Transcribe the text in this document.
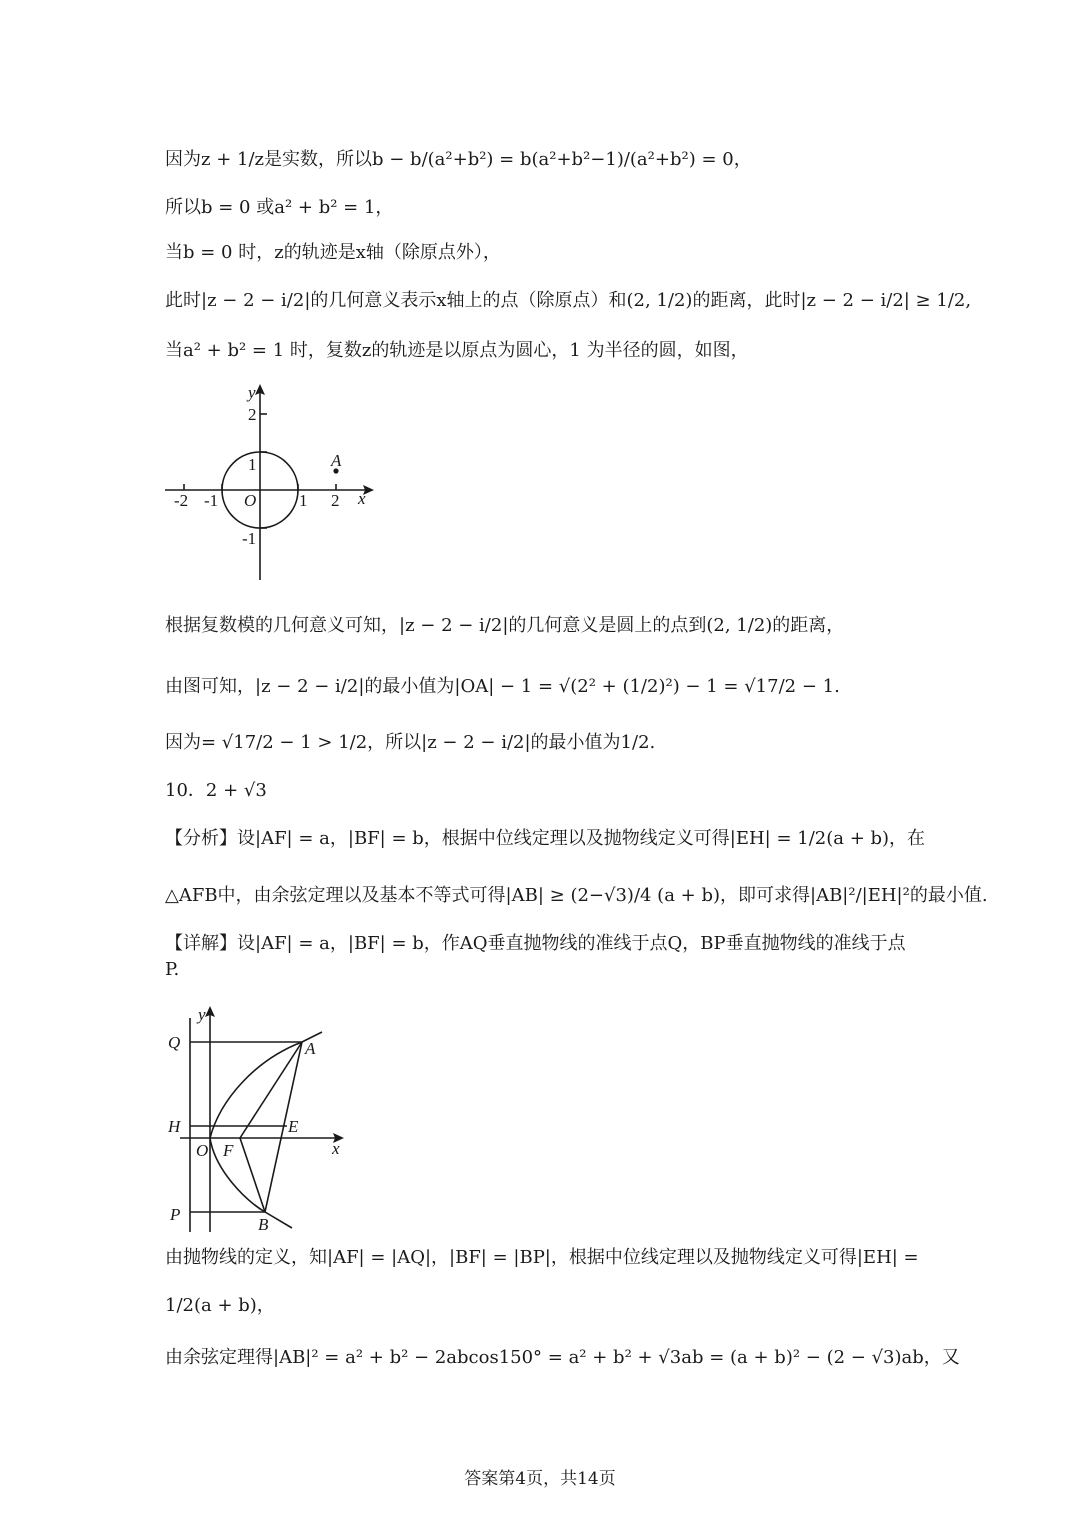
因为z + 1/z是实数，所以b − b/(a²+b²) = b(a²+b²−1)/(a²+b²) = 0，
所以b = 0 或a² + b² = 1，
当b = 0 时，z的轨迹是x轴（除原点外），
此时|z − 2 − i/2|的几何意义表示x轴上的点（除原点）和(2, 1/2)的距离，此时|z − 2 − i/2| ≥ 1/2,
当a² + b² = 1 时，复数z的轨迹是以原点为圆心，1 为半径的圆，如图，
y
x
O
A
-2 -1	1 2
2
1
-1
根据复数模的几何意义可知，|z − 2 − i/2|的几何意义是圆上的点到(2, 1/2)的距离，
由图可知，|z − 2 − i/2|的最小值为|OA| − 1 = √(2² + (1/2)²) − 1 = √17/2 − 1.
因为= √17/2 − 1 > 1/2，所以|z − 2 − i/2|的最小值为1/2.
10．2 + √3
【分析】设|AF| = a，|BF| = b，根据中位线定理以及抛物线定义可得|EH| = 1/2(a + b)，在
△AFB中，由余弦定理以及基本不等式可得|AB| ≥ (2−√3)/4 (a + b)，即可求得|AB|²/|EH|²的最小值.
【详解】设|AF| = a，|BF| = b，作AQ垂直抛物线的准线于点Q，BP垂直抛物线的准线于点 P.
y
x
Q	A
H	E
O F
P
B
由抛物线的定义，知|AF| = |AQ|，|BF| = |BP|，根据中位线定理以及抛物线定义可得|EH| =
1/2(a + b)，
由余弦定理得|AB|² = a² + b² − 2abcos150° = a² + b² + √3ab = (a + b)² − (2 − √3)ab，又
答案第4页，共14页
